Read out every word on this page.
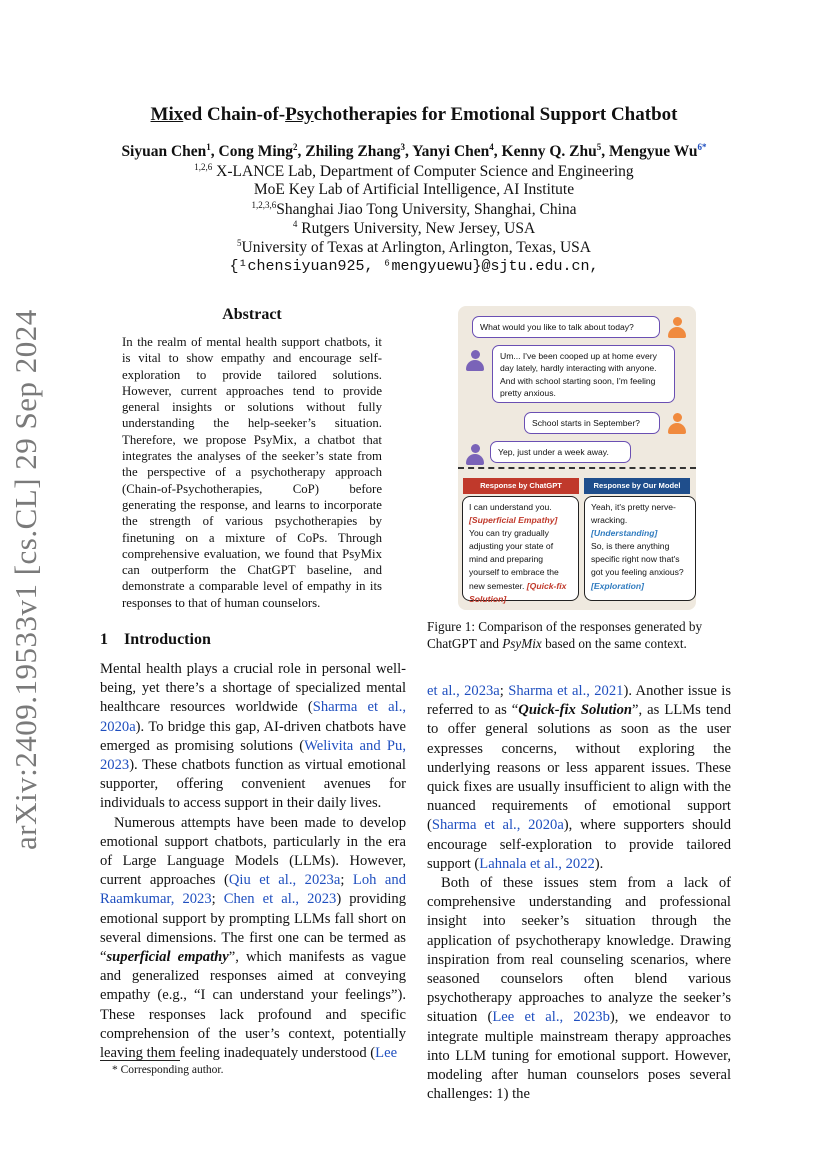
arXiv:2409.19533v1 [cs.CL] 29 Sep 2024
Mixed Chain-of-Psychotherapies for Emotional Support Chatbot
Siyuan Chen$^1$, Cong Ming$^2$, Zhiling Zhang$^3$, Yanyi Chen$^4$, Kenny Q. Zhu$^5$, Mengyue $Wu^{6*}$
$^{1,2,6}$ X-LANCE Lab, Department of Computer Science and Engineering
MoE Key Lab of Artificial Intelligence, AI Institute
$^{1,2,3,6}$Shanghai Jiao Tong University, Shanghai, China
$^4$ Rutgers University, New Jersey, USA
$^5$University of Texas at Arlington, Arlington, Texas, USA
{¹chensiyuan925, ⁶mengyuewu}@sjtu.edu.cn,
Abstract
In the realm of mental health support chatbots, it is vital to show empathy and encourage self-exploration to provide tailored solutions. However, current approaches tend to provide general insights or solutions without fully understanding the help-seeker’s situation. Therefore, we propose PsyMix, a chatbot that integrates the analyses of the seeker’s state from the perspective of a psychotherapy approach (Chain-of-Psychotherapies, CoP) before generating the response, and learns to incorporate the strength of various psychotherapies by finetuning on a mixture of CoPs. Through comprehensive evaluation, we found that PsyMix can outperform the ChatGPT baseline, and demonstrate a comparable level of empathy in its responses to that of human counselors.
1 Introduction

Mental health plays a crucial role in personal well-being, yet there’s a shortage of specialized mental healthcare resources worldwide (Sharma et al., 2020a). To bridge this gap, AI-driven chatbots have emerged as promising solutions (Welivita and Pu, 2023). These chatbots function as virtual emotional supporter, offering convenient avenues for individuals to access support in their daily lives.

Numerous attempts have been made to develop emotional support chatbots, particularly in the era of Large Language Models (LLMs). However, current approaches (Qiu et al., 2023a; Loh and Raamkumar, 2023; Chen et al., 2023) providing emotional support by prompting LLMs fall short on several dimensions. The first one can be termed as “superficial empathy”, which manifests as vague and generalized responses aimed at conveying empathy (e.g., “I can understand your feelings”). These responses lack profound and specific comprehension of the user’s context, potentially leaving them feeling inadequately understood (Lee

* Corresponding author.
What would you like to talk about today?
Um... I've been cooped up at home every day lately, hardly interacting with anyone. And with school starting soon, I'm feeling pretty anxious.
School starts in September?
Yep, just under a week away.
Response by ChatGPT	Response by Our Model
I can understand you.
[Superficial Empathy]
You can try gradually adjusting your state of mind and preparing yourself to embrace the new semester. [Quick-fix Solution]
Yeah, it's pretty nerve-wracking.
[Understanding]
So, is there anything specific right now that's got you feeling anxious?
[Exploration]
Figure 1: Comparison of the responses generated by ChatGPT and PsyMix based on the same context.

et al., 2023a; Sharma et al., 2021). Another issue is referred to as “Quick-fix Solution”, as LLMs tend to offer general solutions as soon as the user expresses concerns, without exploring the underlying reasons or less apparent issues. These quick fixes are usually insufficient to align with the nuanced requirements of emotional support (Sharma et al., 2020a), where supporters should encourage self-exploration to provide tailored support (Lahnala et al., 2022).

Both of these issues stem from a lack of comprehensive understanding and professional insight into seeker’s situation through the application of psychotherapy knowledge. Drawing inspiration from real counseling scenarios, where seasoned counselors often blend various psychotherapy approaches to analyze the seeker’s situation (Lee et al., 2023b), we endeavor to integrate multiple mainstream therapy approaches into LLM tuning for emotional support. However, modeling after human counselors poses several challenges: 1) the
